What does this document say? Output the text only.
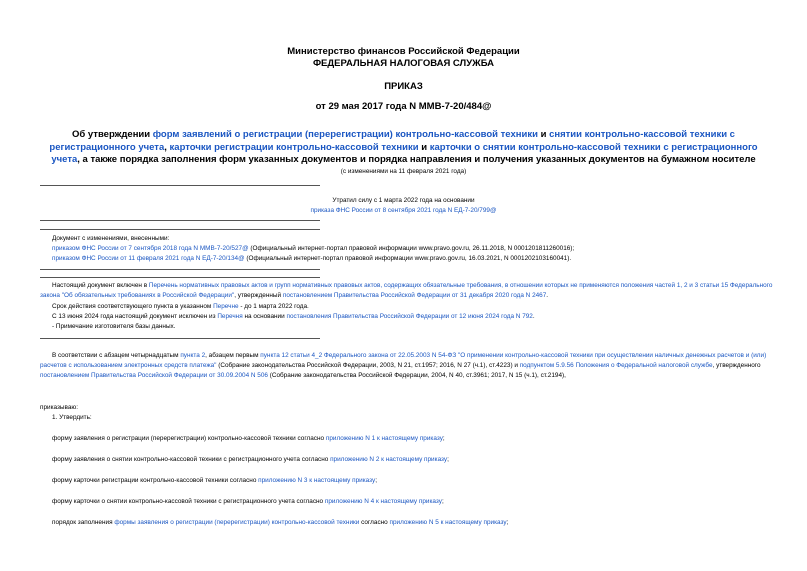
Министерство финансов Российской Федерации
ФЕДЕРАЛЬНАЯ НАЛОГОВАЯ СЛУЖБА
ПРИКАЗ
от 29 мая 2017 года N ММВ-7-20/484@
Об утверждении форм заявлений о регистрации (перерегистрации) контрольно-кассовой техники и снятии контрольно-кассовой техники с регистрационного учета, карточки регистрации контрольно-кассовой техники и карточки о снятии контрольно-кассовой техники с регистрационного учета, а также порядка заполнения форм указанных документов и порядка направления и получения указанных документов на бумажном носителе
(с изменениями на 11 февраля 2021 года)
Утратил силу с 1 марта 2022 года на основании
приказа ФНС России от 8 сентября 2021 года N ЕД-7-20/799@
Документ с изменениями, внесенными:
приказом ФНС России от 7 сентября 2018 года N ММВ-7-20/527@ (Официальный интернет-портал правовой информации www.pravo.gov.ru, 26.11.2018, N 0001201811260016);
приказом ФНС России от 11 февраля 2021 года N ЕД-7-20/134@ (Официальный интернет-портал правовой информации www.pravo.gov.ru, 16.03.2021, N 0001202103160041).
Настоящий документ включен в Перечень нормативных правовых актов и групп нормативных правовых актов, содержащих обязательные требования, в отношении которых не применяются положения частей 1, 2 и 3 статьи 15 Федерального закона "Об обязательных требованиях в Российской Федерации", утвержденный постановлением Правительства Российской Федерации от 31 декабря 2020 года N 2467.
Срок действия соответствующего пункта в указанном Перечне - до 1 марта 2022 года.
С 13 июня 2024 года настоящий документ исключен из Перечня на основании постановления Правительства Российской Федерации от 12 июня 2024 года N 792.
- Примечание изготовителя базы данных.
В соответствии с абзацем четырнадцатым пункта 2, абзацем первым пункта 12 статьи 4_2 Федерального закона от 22.05.2003 N 54-ФЗ "О применении контрольно-кассовой техники при осуществлении наличных денежных расчетов и (или) расчетов с использованием электронных средств платежа" (Собрание законодательства Российской Федерации, 2003, N 21, ст.1957; 2016, N 27 (ч.1), ст.4223) и подпунктом 5.9.56 Положения о Федеральной налоговой службе, утвержденного постановлением Правительства Российской Федерации от 30.09.2004 N 506 (Собрание законодательства Российской Федерации, 2004, N 40, ст.3961; 2017, N 15 (ч.1), ст.2194),
приказываю:
1. Утвердить:
форму заявления о регистрации (перерегистрации) контрольно-кассовой техники согласно приложению N 1 к настоящему приказу;
форму заявления о снятии контрольно-кассовой техники с регистрационного учета согласно приложению N 2 к настоящему приказу;
форму карточки регистрации контрольно-кассовой техники согласно приложению N 3 к настоящему приказу;
форму карточки о снятии контрольно-кассовой техники с регистрационного учета согласно приложению N 4 к настоящему приказу;
порядок заполнения формы заявления о регистрации (перерегистрации) контрольно-кассовой техники согласно приложению N 5 к настоящему приказу;
